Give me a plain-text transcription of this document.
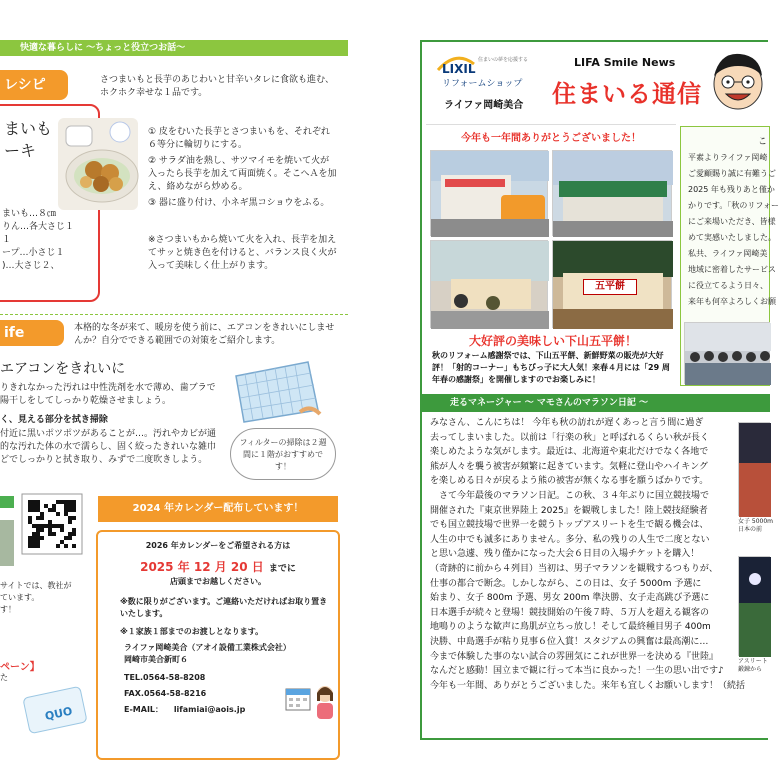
快適な暮らしに ～ちょっと役立つお話～
レシピ
まいも
ーキ
まいも…８㎝
りん…各大さじ１
１
ープ…小さじ１
)…大さじ２、
さつまいもと長芋のあじわいと甘辛いタレに食欲も進む、ホクホク幸せな１品です。
① 皮をむいた長芋とさつまいもを、それぞれ６等分に輪切りにする。
② サラダ油を熱し、サツマイモを焼いて火が入ったら長芋を加えて両面焼く。そこへＡを加え、絡めながら炒める。
③ 器に盛り付け、小ネギ黒コショウをふる。
※さつまいもから焼いて火を入れ、長芋を加えてサッと焼き色を付けると、バランス良く火が入って美味しく仕上がります。
ife	本格的な冬が来て、暖房を使う前に、エアコンをきれいにしませんか？自分でできる範囲での対策をご紹介します。
エアコンをきれいに
りきれなかった汚れは中性洗剤を水で薄め、歯ブラで陽干しをしてしっかり乾燥させましょう。
く、見える部分を拭き掃除
付近に黒いポツポツがあることが…。汚れやカビが通的な汚れた体の水で濡らし、固く絞ったきれいな雑巾どでしっかりと拭き取り、みずで二度吹きしよう。
フィルターの掃除は２週間に１階がおすすめです！
サイトでは、教社が
ています。
す！
ペーン】
た
QUO
2024 年カレンダー配布しています！
2026 年カレンダーをご希望される方は
2025 年 12 月 20 日 までに
店頭までお越しください。
※数に限りがございます。ご連絡いただければお取り置きいたします。
※１家族１部までのお渡しとなります。
ライファ岡崎美合（アオイ設備工業株式会社）
岡崎市美合新町６
TEL.0564-58-8208
FAX.0564-58-8216
E-MAIL： lifamiai@aois.jp
住まいの夢を応援する
LIXIL
リフォームショップ
ライファ岡崎美合
LIFA Smile News
住まいる通信
今年も一年間ありがとうございました！
五平餅
大好評の美味しい下山五平餅！
秋のリフォーム感謝祭では、下山五平餅、新鮮野菜の販売が大好評！「射的コーナー」もちびっ子に大人気！来春４月には「29 周年春の感謝祭」を開催しますのでお楽しみに！
こ
平素よりライファ岡崎
ご愛顧賜り誠に有難うご
2025 年も残りあと僅か
かりです。「秋のリフォー
にご来場いただき、皆様
めて実感いたしました。
私共、ライファ岡崎美
地域に密着したサービス
に役立てるよう日々、
来年も何卒よろしくお願
走るマネージャー ～ マモさんのマラソン日記 ～
みなさん、こんにちは！ 今年も秋の訪れが遅くあっと言う間に過ぎ
去ってしまいました。以前は「行楽の秋」と呼ばれるくらい秋が長く
楽しめたような気がします。最近は、北海道や東北だけでなく各地で
熊が人々を襲う被害が頻繁に起きています。気軽に登山やハイキング
を楽しめる日々が戻るよう熊の被害が無くなる事を願うばかりです。
　さて今年最後のマラソン日記。この秋、３４年ぶりに国立競技場で
開催された『東京世界陸上 2025』を観戦しました！陸上競技経験者
でも国立競技場で世界一を競うトップアスリートを生で観る機会は、
人生の中でも滅多にありません。多分、私の残りの人生で二度とない
と思い急遽、残り僅かになった大会６日目の入場チケットを購入！
（奇跡的に前から４列目）当初は、男子マラソンを観戦するつもりが、
仕事の都合で断念。しかしながら、この日は、女子 5000m 予選に
始まり、女子 800m 予選、男女 200m 準決勝、女子走高跳び予選に
日本選手が続々と登場！競技開始の午後７時、５万人を超える観客の
地鳴りのような歓声に鳥肌が立ちっ放し！そして最終種目男子 400m
決勝、中島選手が粘り見事６位入賞！スタジアムの興奮は最高潮に…
今まで体験した事のない試合の雰囲気にこれが世界一を決める『世陸』
なんだと感動！国立まで観に行って本当に良かった！一生の思い出です♪
今年も一年間、ありがとうございました。来年も宜しくお願いします！（続括
女子 5000m
日本の前
アスリート
鍛錬から
